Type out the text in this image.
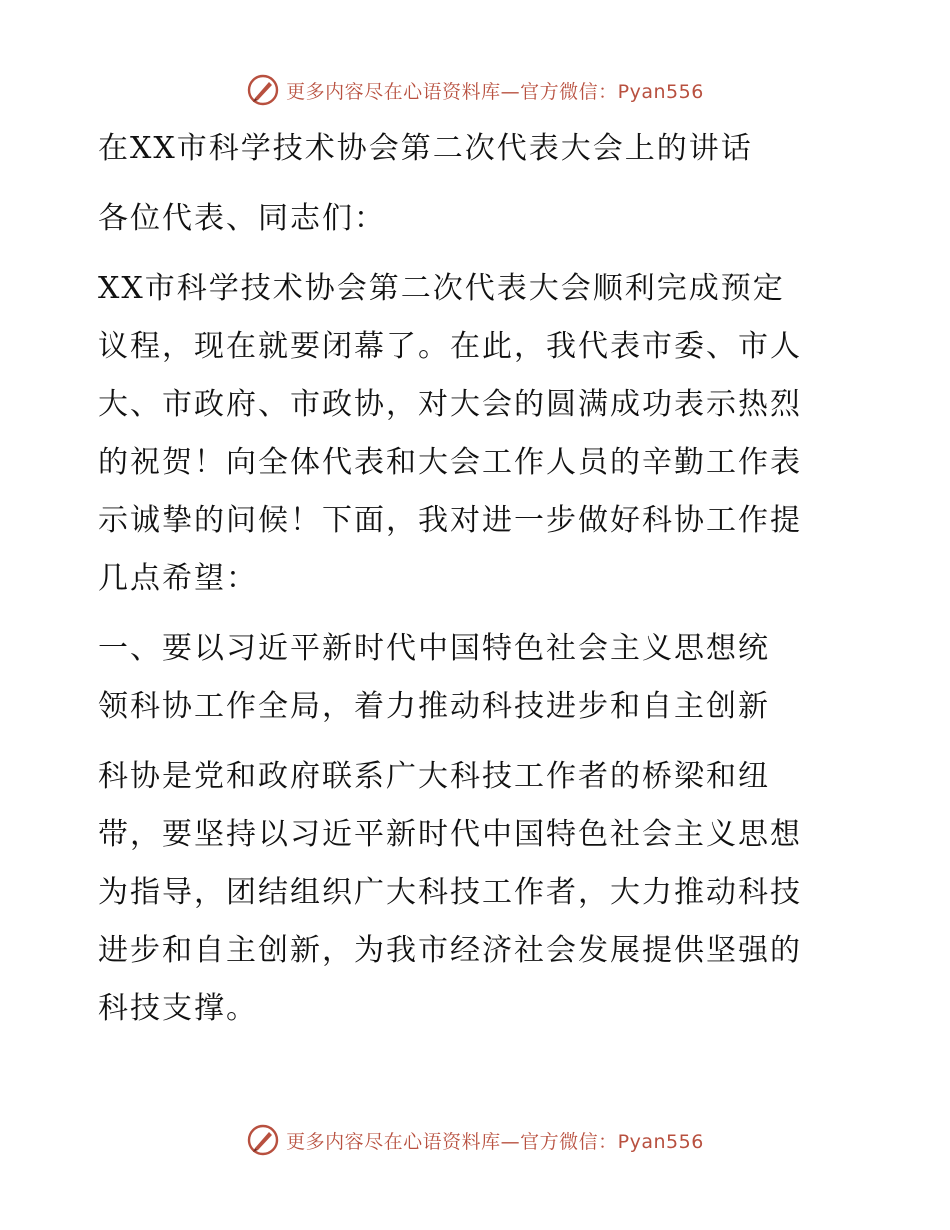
更多内容尽在心语资料库—官方微信：Pyan556
在XX市科学技术协会第二次代表大会上的讲话
各位代表、同志们：
XX市科学技术协会第二次代表大会顺利完成预定
议程，现在就要闭幕了。在此，我代表市委、市人
大、市政府、市政协，对大会的圆满成功表示热烈
的祝贺！向全体代表和大会工作人员的辛勤工作表
示诚挚的问候！下面，我对进一步做好科协工作提
几点希望：
一、要以习近平新时代中国特色社会主义思想统
领科协工作全局，着力推动科技进步和自主创新
科协是党和政府联系广大科技工作者的桥梁和纽
带，要坚持以习近平新时代中国特色社会主义思想
为指导，团结组织广大科技工作者，大力推动科技
进步和自主创新，为我市经济社会发展提供坚强的
科技支撑。
更多内容尽在心语资料库—官方微信：Pyan556
